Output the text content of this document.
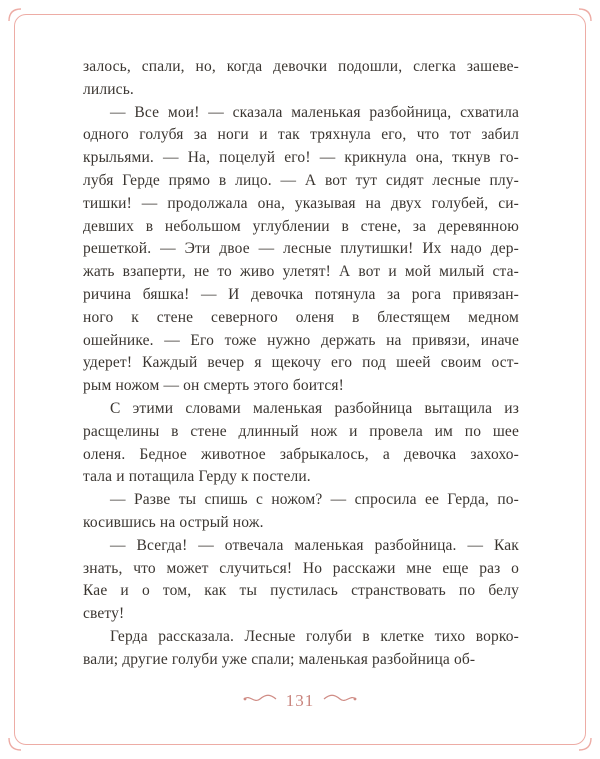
залось, спали, но, когда девочки подошли, слегка зашеве-
лились.
— Все мои! — сказала маленькая разбойница, схватила
одного голубя за ноги и так тряхнула его, что тот забил
крыльями. — На, поцелуй его! — крикнула она, ткнув го-
лубя Герде прямо в лицо. — А вот тут сидят лесные плу-
тишки! — продолжала она, указывая на двух голубей, си-
девших в небольшом углублении в стене, за деревянною
решеткой. — Эти двое — лесные плутишки! Их надо дер-
жать взаперти, не то живо улетят! А вот и мой милый ста-
ричина бяшка! — И девочка потянула за рога привязан-
ного к стене северного оленя в блестящем медном
ошейнике. — Его тоже нужно держать на привязи, иначе
удерет! Каждый вечер я щекочу его под шеей своим ост-
рым ножом — он смерть этого боится!
С этими словами маленькая разбойница вытащила из
расщелины в стене длинный нож и провела им по шее
оленя. Бедное животное забрыкалось, а девочка захохо-
тала и потащила Герду к постели.
— Разве ты спишь с ножом? — спросила ее Герда, по-
косившись на острый нож.
— Всегда! — отвечала маленькая разбойница. — Как
знать, что может случиться! Но расскажи мне еще раз о
Кае и о том, как ты пустилась странствовать по белу
свету!
Герда рассказала. Лесные голуби в клетке тихо ворко-
вали; другие голуби уже спали; маленькая разбойница об-
131
